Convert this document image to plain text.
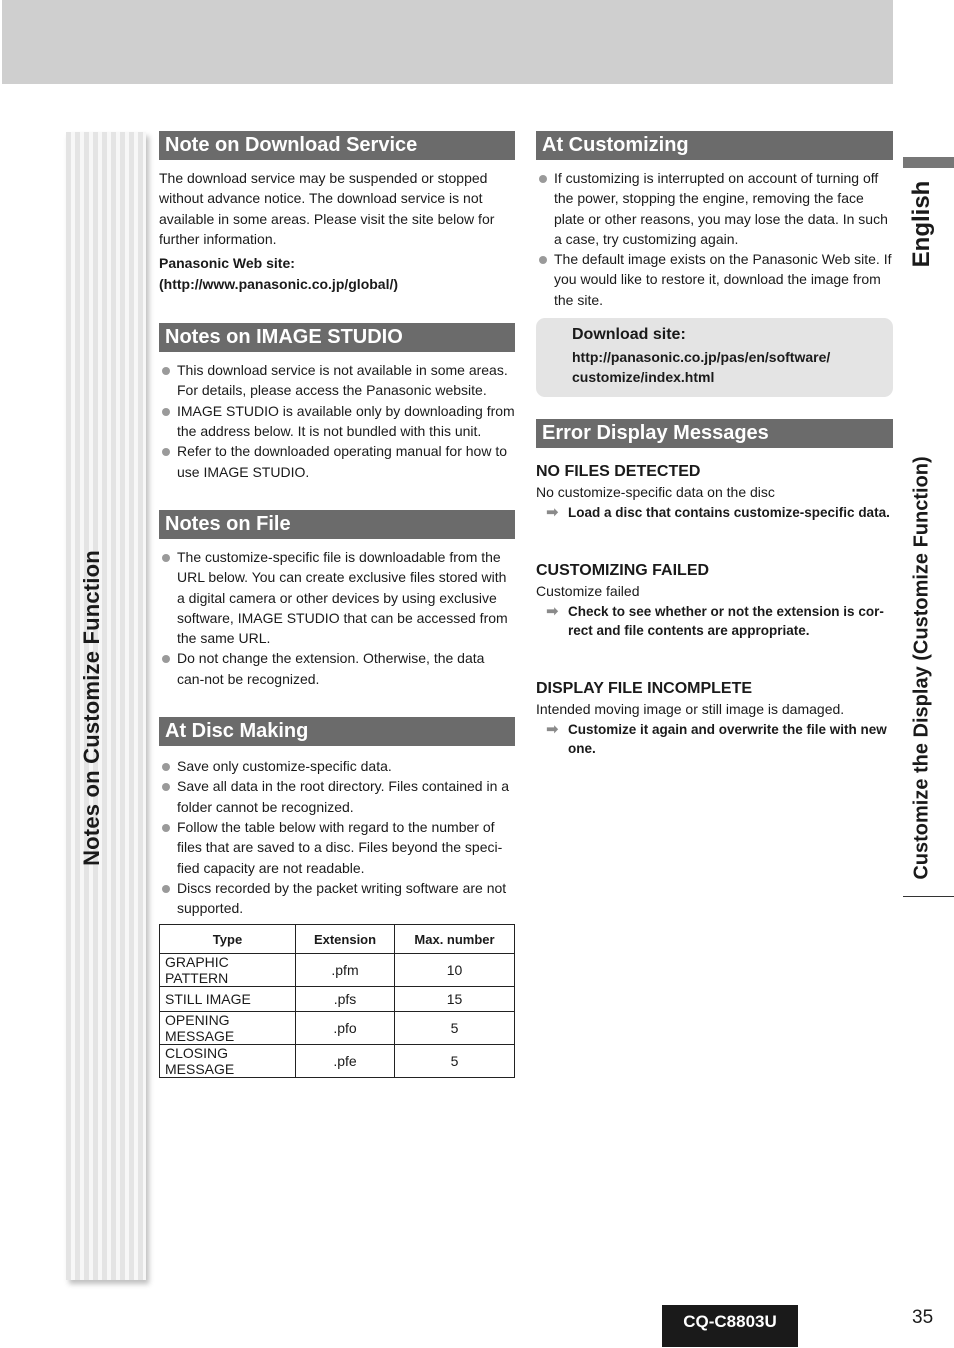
Notes on Customize Function
English
Customize the Display (Customize Function)
Note on Download Service

The download service may be suspended or stopped without advance notice. The download service is not available in some areas. Please visit the site below for further information.

Panasonic Web site:

(http://www.panasonic.co.jp/global/)

Notes on IMAGE STUDIO
This download service is not available in some areas. For details, please access the Panasonic website.
IMAGE STUDIO is available only by downloading from the address below. It is not bundled with this unit.
Refer to the downloaded operating manual for how to use IMAGE STUDIO.
Notes on File
The customize-specific file is downloadable from the URL below. You can create exclusive files stored with a digital camera or other devices by using exclusive software, IMAGE STUDIO that can be accessed from the same URL.
Do not change the extension. Otherwise, the data can-not be recognized.
At Disc Making
Save only customize-specific data.
Save all data in the root directory. Files contained in a folder cannot be recognized.
Follow the table below with regard to the number of files that are saved to a disc. Files beyond the speci-fied capacity are not readable.
Discs recorded by the packet writing software are not supported.
Type	Extension	Max. number
GRAPHIC PATTERN	.pfm	10
STILL IMAGE	.pfs	15
OPENING MESSAGE	.pfo	5
CLOSING MESSAGE	.pfe	5
At Customizing
If customizing is interrupted on account of turning off the power, stopping the engine, removing the face plate or other reasons, you may lose the data. In such a case, try customizing again.
The default image exists on the Panasonic Web site. If you would like to restore it, download the image from the site.
Download site:
http://panasonic.co.jp/pas/en/software/
customize/index.html
Error Display Messages
NO FILES DETECTED
No customize-specific data on the disc
➡ Load a disc that contains customize-specific data.
CUSTOMIZING FAILED
Customize failed
➡ Check to see whether or not the extension is cor-rect and file contents are appropriate.
DISPLAY FILE INCOMPLETE
Intended moving image or still image is damaged.
➡ Customize it again and overwrite the file with new one.
CQ-C8803U	35
